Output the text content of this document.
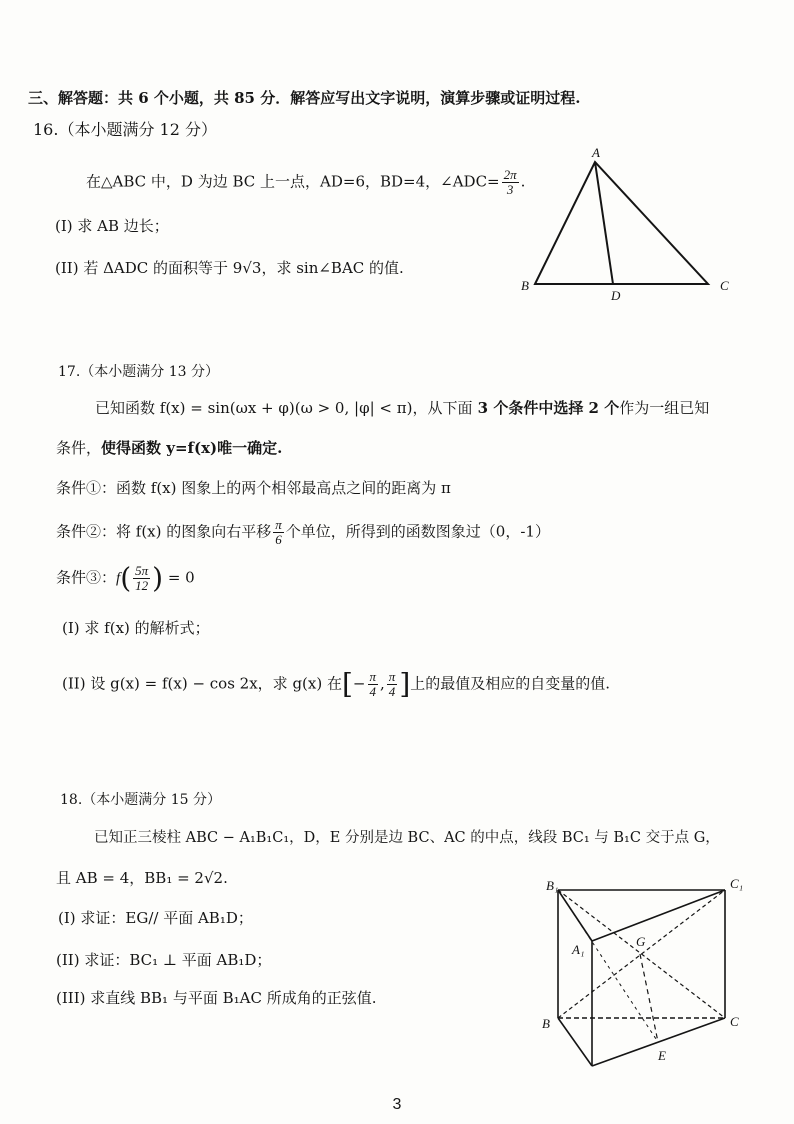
三、解答题：共 6 个小题，共 85 分．解答应写出文字说明，演算步骤或证明过程.
16.（本小题满分 12 分）
在△ABC 中，D 为边 BC 上一点，AD=6，BD=4，∠ADC= $\frac{2\pi}{3}$ .
(I) 求 AB 边长；
(II) 若 ΔADC 的面积等于 9√3，求 sin∠BAC 的值.
A
B	C
D
17.（本小题满分 13 分）
已知函数 f(x) = sin(ωx + φ)(ω > 0, |φ| < π)，从下面 3 个条件中选择 2 个作为一组已知
条件，使得函数 y=f(x)唯一确定.
条件①：函数 f(x) 图象上的两个相邻最高点之间的距离为 π
条件②：将 f(x) 的图象向右平移 $\frac{\pi}{6}$ 个单位，所得到的函数图象过（0，-1）
条件③：$f( \frac{5\pi}{12}$ ) = 0
(I) 求 f(x) 的解析式；
(II) 设 g(x) = f(x) − cos 2x，求 g(x) 在[− $\frac{\pi}{4}$ , $\frac{\pi}{4}$ ]上的最值及相应的自变量的值.
18.（本小题满分 15 分）
已知正三棱柱 ABC − A₁B₁C₁，D，E 分别是边 BC、AC 的中点，线段 BC₁ 与 B₁C 交于点 G，
且 AB = 4，BB₁ = 2√2.
(I) 求证：EG// 平面 AB₁D；
(II) 求证：BC₁ ⊥ 平面 AB₁D；
(III) 求直线 BB₁ 与平面 B₁AC 所成角的正弦值.
B₁	C₁
A₁
G
B	C
E
3
